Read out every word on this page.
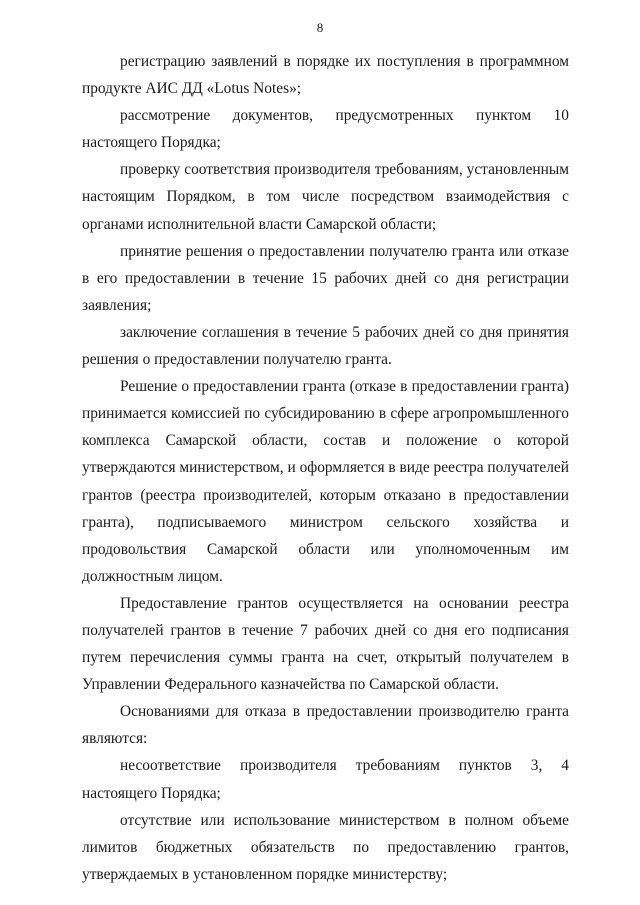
8

регистрацию заявлений в порядке их поступления в программном продукте АИС ДД «Lotus Notes»;

рассмотрение документов, предусмотренных пунктом 10 настоящего Порядка;

проверку соответствия производителя требованиям, установленным настоящим Порядком, в том числе посредством взаимодействия с органами исполнительной власти Самарской области;

принятие решения о предоставлении получателю гранта или отказе в его предоставлении в течение 15 рабочих дней со дня регистрации заявления;

заключение соглашения в течение 5 рабочих дней со дня принятия решения о предоставлении получателю гранта.

Решение о предоставлении гранта (отказе в предоставлении гранта) принимается комиссией по субсидированию в сфере агропромышленного комплекса Самарской области, состав и положение о которой утверждаются министерством, и оформляется в виде реестра получателей грантов (реестра производителей, которым отказано в предоставлении гранта), подписываемого министром сельского хозяйства и продовольствия Самарской области или уполномоченным им должностным лицом.

Предоставление грантов осуществляется на основании реестра получателей грантов в течение 7 рабочих дней со дня его подписания путем перечисления суммы гранта на счет, открытый получателем в Управлении Федерального казначейства по Самарской области.

Основаниями для отказа в предоставлении производителю гранта являются:

несоответствие производителя требованиям пунктов 3, 4 настоящего Порядка;

отсутствие или использование министерством в полном объеме лимитов бюджетных обязательств по предоставлению грантов, утверждаемых в установленном порядке министерству;
